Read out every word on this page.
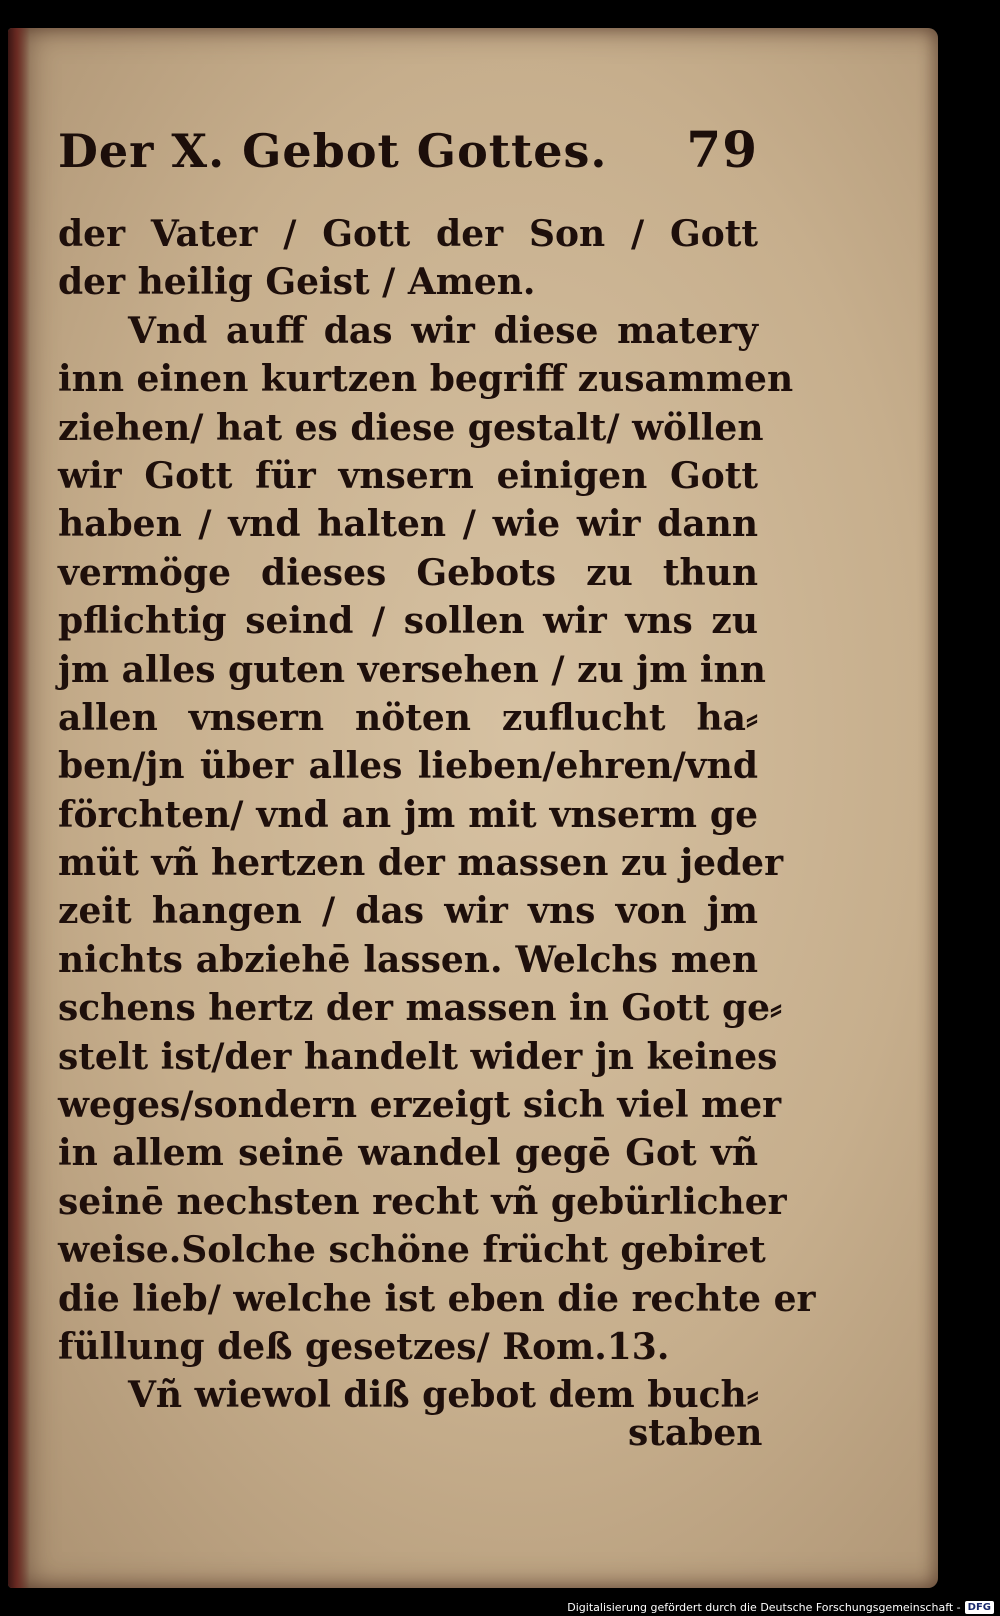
Der X. Gebot Gottes. 79
der Vater / Gott der Son / Gott
der heilig Geist / Amen.
Vnd auff das wir diese matery
inn einen kurtzen begriff zusammen
ziehen/ hat es diese gestalt/ wöllen
wir Gott für vnsern einigen Gott
haben / vnd halten / wie wir dann
vermöge dieses Gebots zu thun
pflichtig seind / sollen wir vns zu
jm alles guten versehen / zu jm inn
allen vnsern nöten zuflucht ha⸗
ben/jn über alles lieben/ehren/vnd
förchten/ vnd an jm mit vnserm ge
müt vñ hertzen der massen zu jeder
zeit hangen / das wir vns von jm
nichts abziehē lassen. Welchs men
schens hertz der massen in Gott ge⸗
stelt ist/der handelt wider jn keines
weges/sondern erzeigt sich viel mer
in allem seinē wandel gegē Got vñ
seinē nechsten recht vñ gebürlicher
weise.Solche schöne frücht gebiret
die lieb/ welche ist eben die rechte er
füllung deß gesetzes/ Rom.13.
Vñ wiewol diß gebot dem buch⸗
staben
Digitalisierung gefördert durch die Deutsche Forschungsgemeinschaft - DFG
